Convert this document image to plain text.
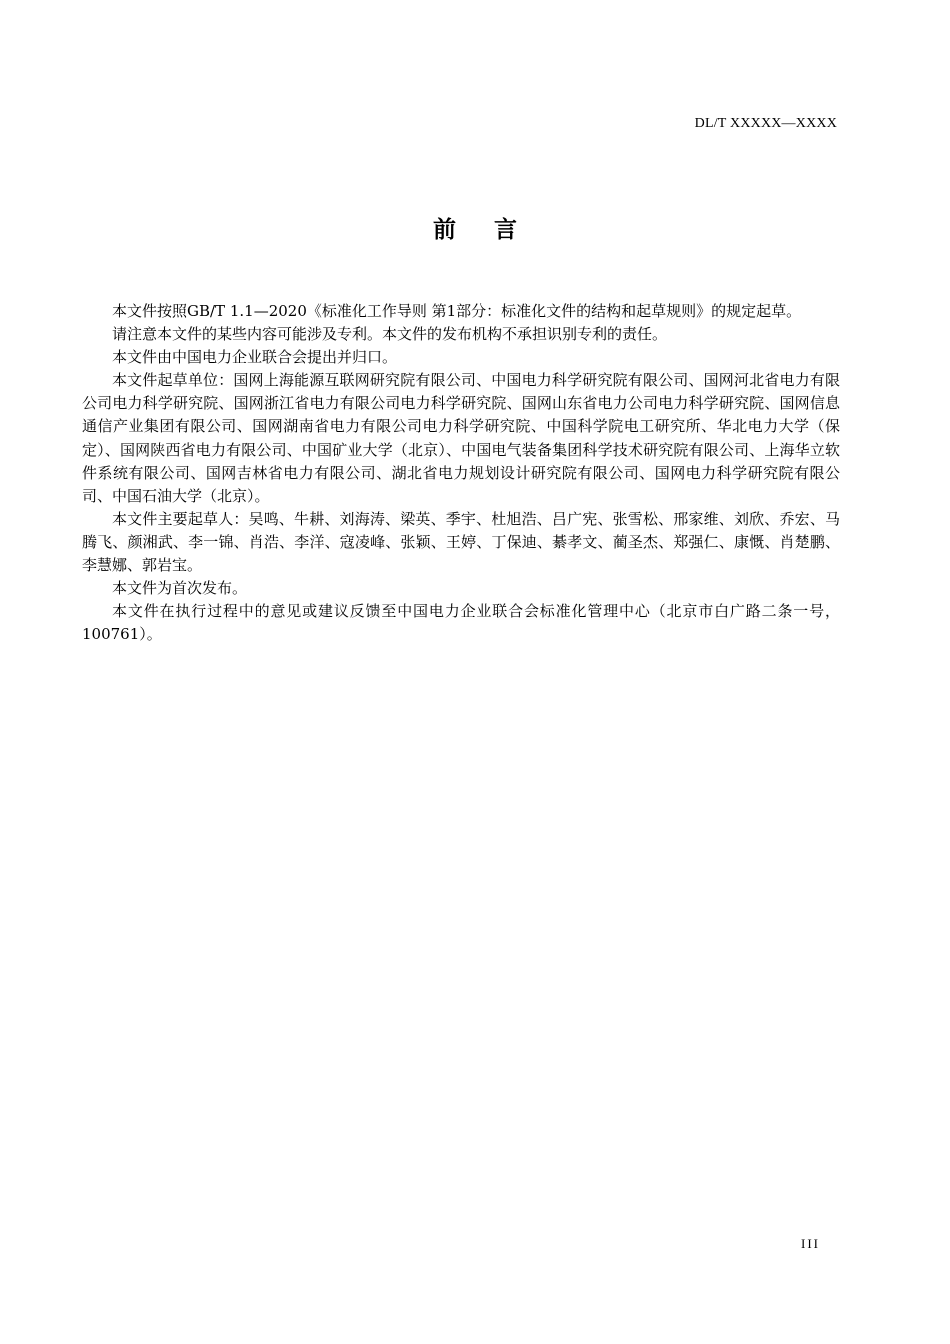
DL/T XXXXX—XXXX
前言

本文件按照GB/T 1.1—2020《标准化工作导则 第1部分：标准化文件的结构和起草规则》的规定起草。

请注意本文件的某些内容可能涉及专利。本文件的发布机构不承担识别专利的责任。

本文件由中国电力企业联合会提出并归口。

本文件起草单位：国网上海能源互联网研究院有限公司、中国电力科学研究院有限公司、国网河北省电力有限公司电力科学研究院、国网浙江省电力有限公司电力科学研究院、国网山东省电力公司电力科学研究院、国网信息通信产业集团有限公司、国网湖南省电力有限公司电力科学研究院、中国科学院电工研究所、华北电力大学（保定）、国网陕西省电力有限公司、中国矿业大学（北京）、中国电气装备集团科学技术研究院有限公司、上海华立软件系统有限公司、国网吉林省电力有限公司、湖北省电力规划设计研究院有限公司、国网电力科学研究院有限公司、中国石油大学（北京）。

本文件主要起草人：吴鸣、牛耕、刘海涛、梁英、季宇、杜旭浩、吕广宪、张雪松、邢家维、刘欣、乔宏、马腾飞、颜湘武、李一锦、肖浩、李洋、寇凌峰、张颖、王婷、丁保迪、綦孝文、蔺圣杰、郑强仁、康慨、肖楚鹏、李慧娜、郭岩宝。

本文件为首次发布。

本文件在执行过程中的意见或建议反馈至中国电力企业联合会标准化管理中心（北京市白广路二条一号，100761）。

III
